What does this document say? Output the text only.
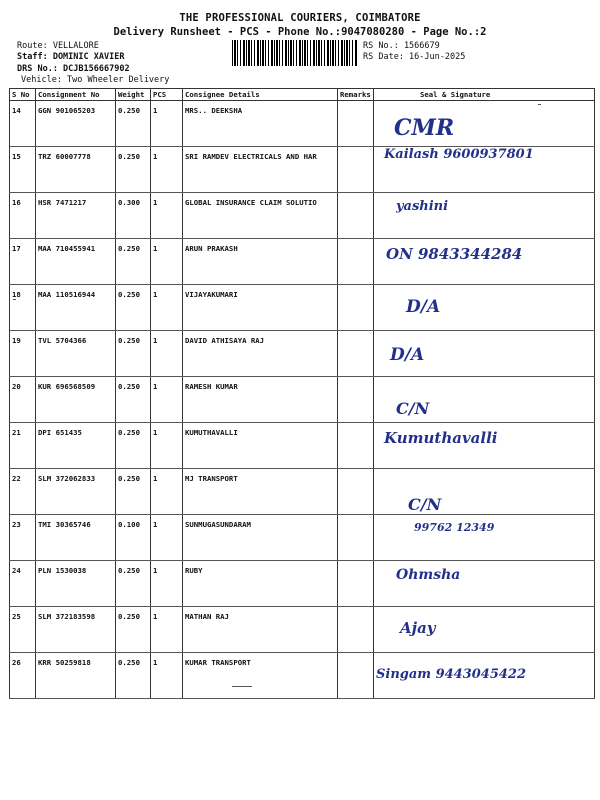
THE PROFESSIONAL COURIERS, COIMBATORE
Delivery Runsheet - PCS - Phone No.:9047080280 - Page No.:2
Route: VELLALORE
Staff: DOMINIC XAVIER
DRS No.: DCJB156667902
Vehicle: Two Wheeler Delivery
RS No.: 1566679
RS Date: 16-Jun-2025
S No	Consignment No	Weight	PCS	Consignee Details	Remarks	Seal & Signature
14	GGN 901065203	0.250	1	MRS.. DEEKSHA		CMR

15	TRZ 60007778	0.250	1	SRI RAMDEV ELECTRICALS AND HAR		Kailash 9600937801

16	HSR 7471217	0.300	1	GLOBAL INSURANCE CLAIM SOLUTIO		yashini

17	MAA 710455941	0.250	1	ARUN PRAKASH		ON 9843344284

18	MAA 110516944	0.250	1	VIJAYAKUMARI		D/A

19	TVL 5704366	0.250	1	DAVID ATHISAYA RAJ		D/A

20	KUR 696568509	0.250	1	RAMESH KUMAR		C/N

21	DPI 651435	0.250	1	KUMUTHAVALLI		Kumuthavalli

22	SLM 372062833	0.250	1	MJ TRANSPORT		C/N

23	TMI 30365746	0.100	1	SUNMUGASUNDARAM		99762 12349

24	PLN 1530038	0.250	1	RUBY		Ohmsha

25	SLM 372183598	0.250	1	MATHAN RAJ		Ajay

26	KRR 50259818	0.250	1	KUMAR TRANSPORT		Singam 9443045422
